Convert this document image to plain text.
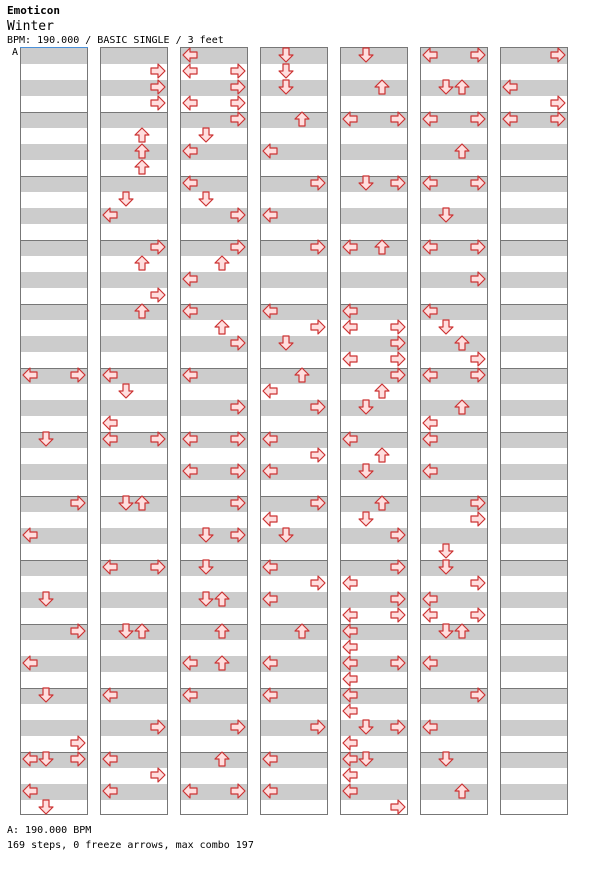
Emoticon
Winter
BPM: 190.000 / BASIC SINGLE / 3 feet
A
A: 190.000 BPM
169 steps, 0 freeze arrows, max combo 197
